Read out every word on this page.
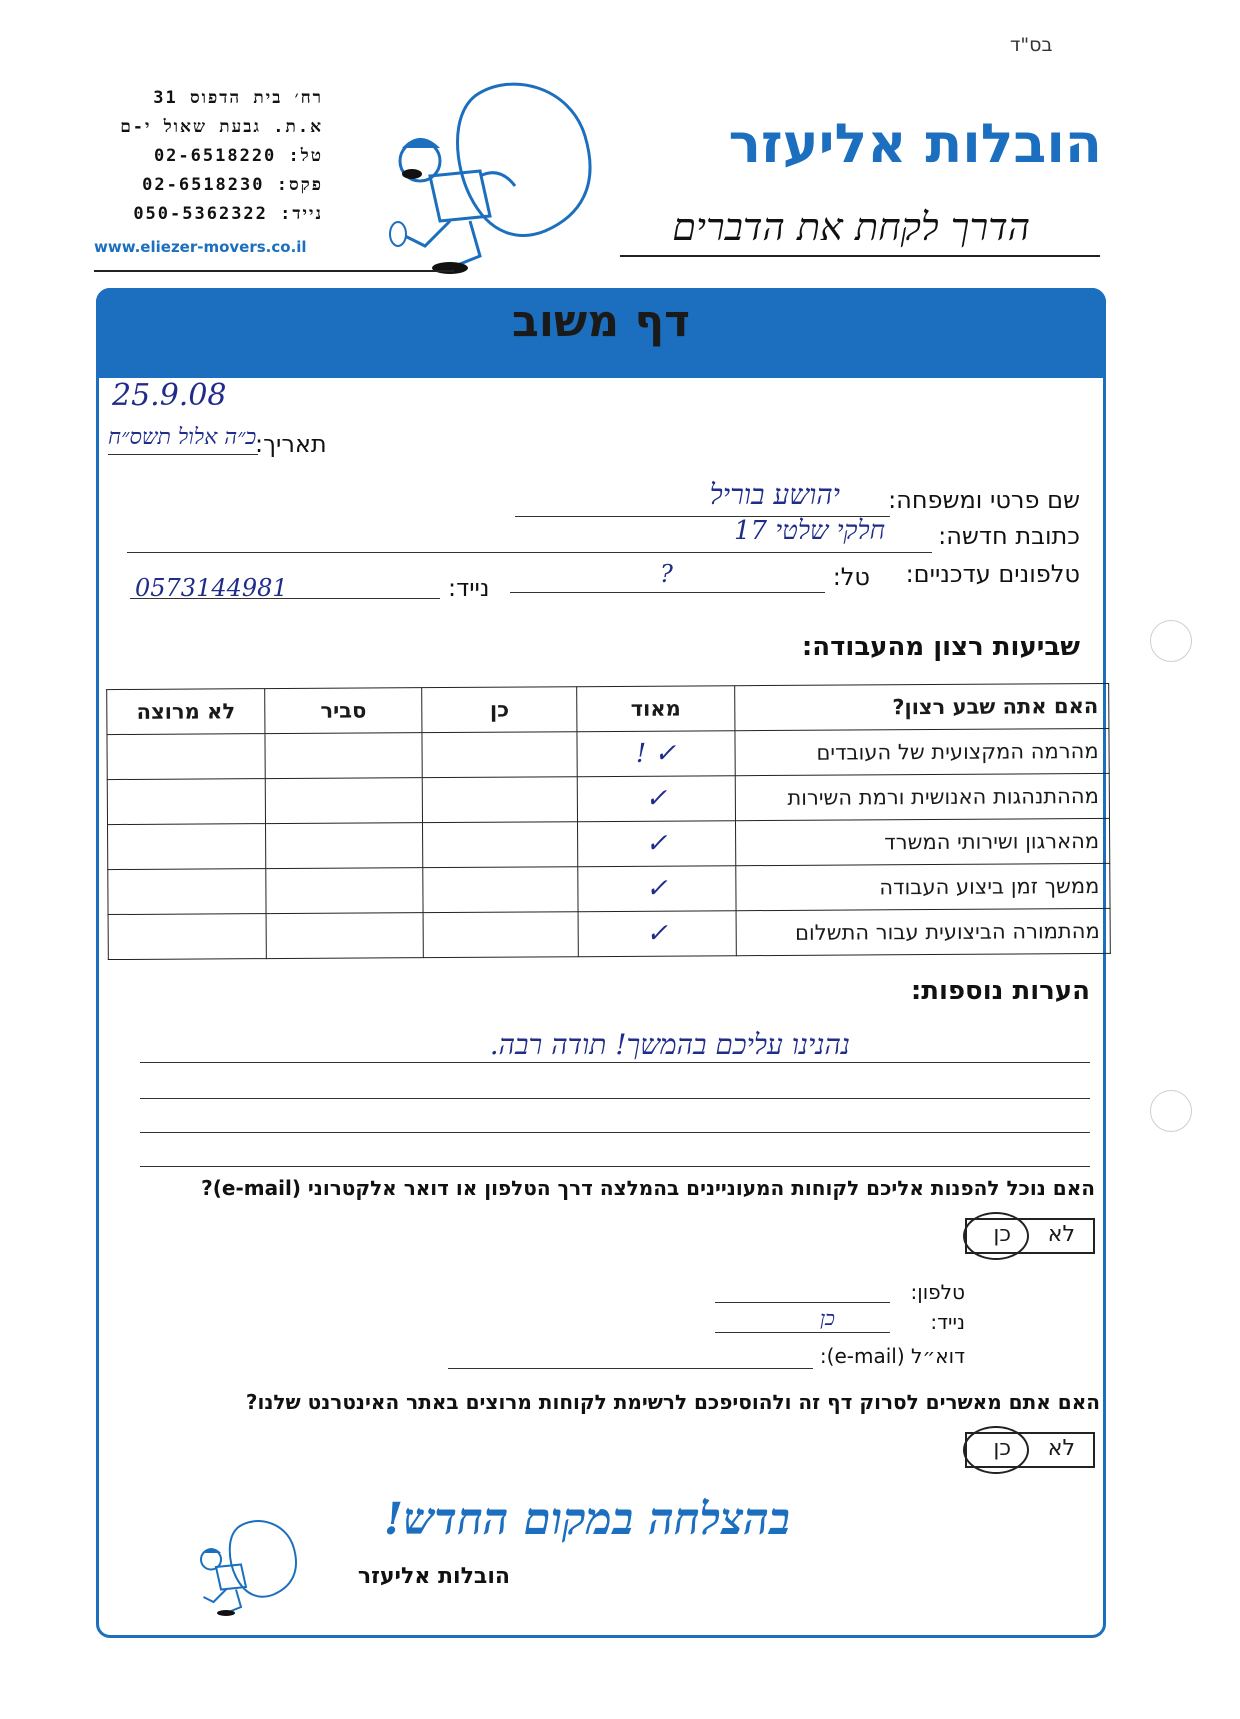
בס"ד
רח׳ בית הדפוס 31
א.ת. גבעת שאול י-ם
טל: 02-6518220
פקס: 02-6518230
נייד: 050-5362322
www.eliezer-movers.co.il
הובלות אליעזר
הדרך לקחת את הדברים
דף משוב
25.9.08
תאריך:
כ״ה אלול תשס״ח
שם פרטי ומשפחה:
יהושע בוריל
כתובת חדשה:
חלקי שלטי 17
טלפונים עדכניים:
טל:
?
נייד:
0573144981
שביעות רצון מהעבודה:
האם אתה שבע רצון?	מאוד	כן	סביר	לא מרוצה
מהרמה המקצועית של העובדים	✓ !			
מההתנהגות האנושית ורמת השירות	✓			
מהארגון ושירותי המשרד	✓			
ממשך זמן ביצוע העבודה	✓			
מהתמורה הביצועית עבור התשלום	✓			
הערות נוספות:
נהנינו עליכם בהמשך! תודה רבה.
האם נוכל להפנות אליכם לקוחות המעוניינים בהמלצה דרך הטלפון או דואר אלקטרוני (e-mail)?
לא
כן
טלפון:
נייד:
כן
דוא״ל (e-mail):
האם אתם מאשרים לסרוק דף זה ולהוסיפכם לרשימת לקוחות מרוצים באתר האינטרנט שלנו?
לא
כן
בהצלחה במקום החדש!
הובלות אליעזר
